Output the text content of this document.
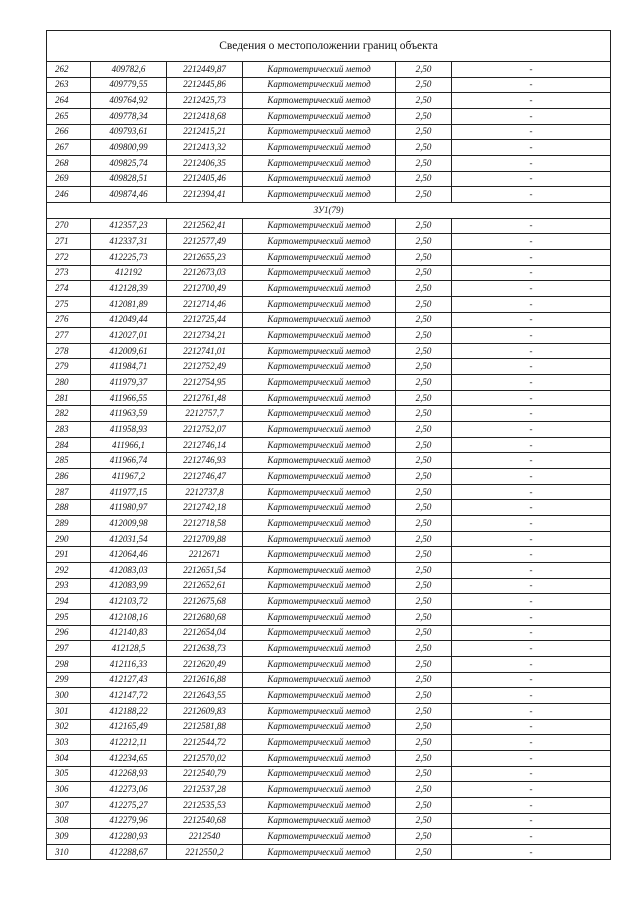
Сведения о местоположении границ объекта					
262	409782,6	2212449,87	Картометрический метод	2,50	-
263	409779,55	2212445,86	Картометрический метод	2,50	-
264	409764,92	2212425,73	Картометрический метод	2,50	-
265	409778,34	2212418,68	Картометрический метод	2,50	-
266	409793,61	2212415,21	Картометрический метод	2,50	-
267	409800,99	2212413,32	Картометрический метод	2,50	-
268	409825,74	2212406,35	Картометрический метод	2,50	-
269	409828,51	2212405,46	Картометрический метод	2,50	-
246	409874,46	2212394,41	Картометрический метод	2,50	-
ЗУ1(79)					
270	412357,23	2212562,41	Картометрический метод	2,50	-
271	412337,31	2212577,49	Картометрический метод	2,50	-
272	412225,73	2212655,23	Картометрический метод	2,50	-
273	412192	2212673,03	Картометрический метод	2,50	-
274	412128,39	2212700,49	Картометрический метод	2,50	-
275	412081,89	2212714,46	Картометрический метод	2,50	-
276	412049,44	2212725,44	Картометрический метод	2,50	-
277	412027,01	2212734,21	Картометрический метод	2,50	-
278	412009,61	2212741,01	Картометрический метод	2,50	-
279	411984,71	2212752,49	Картометрический метод	2,50	-
280	411979,37	2212754,95	Картометрический метод	2,50	-
281	411966,55	2212761,48	Картометрический метод	2,50	-
282	411963,59	2212757,7	Картометрический метод	2,50	-
283	411958,93	2212752,07	Картометрический метод	2,50	-
284	411966,1	2212746,14	Картометрический метод	2,50	-
285	411966,74	2212746,93	Картометрический метод	2,50	-
286	411967,2	2212746,47	Картометрический метод	2,50	-
287	411977,15	2212737,8	Картометрический метод	2,50	-
288	411980,97	2212742,18	Картометрический метод	2,50	-
289	412009,98	2212718,58	Картометрический метод	2,50	-
290	412031,54	2212709,88	Картометрический метод	2,50	-
291	412064,46	2212671	Картометрический метод	2,50	-
292	412083,03	2212651,54	Картометрический метод	2,50	-
293	412083,99	2212652,61	Картометрический метод	2,50	-
294	412103,72	2212675,68	Картометрический метод	2,50	-
295	412108,16	2212680,68	Картометрический метод	2,50	-
296	412140,83	2212654,04	Картометрический метод	2,50	-
297	412128,5	2212638,73	Картометрический метод	2,50	-
298	412116,33	2212620,49	Картометрический метод	2,50	-
299	412127,43	2212616,88	Картометрический метод	2,50	-
300	412147,72	2212643,55	Картометрический метод	2,50	-
301	412188,22	2212609,83	Картометрический метод	2,50	-
302	412165,49	2212581,88	Картометрический метод	2,50	-
303	412212,11	2212544,72	Картометрический метод	2,50	-
304	412234,65	2212570,02	Картометрический метод	2,50	-
305	412268,93	2212540,79	Картометрический метод	2,50	-
306	412273,06	2212537,28	Картометрический метод	2,50	-
307	412275,27	2212535,53	Картометрический метод	2,50	-
308	412279,96	2212540,68	Картометрический метод	2,50	-
309	412280,93	2212540	Картометрический метод	2,50	-
310	412288,67	2212550,2	Картометрический метод	2,50	-
